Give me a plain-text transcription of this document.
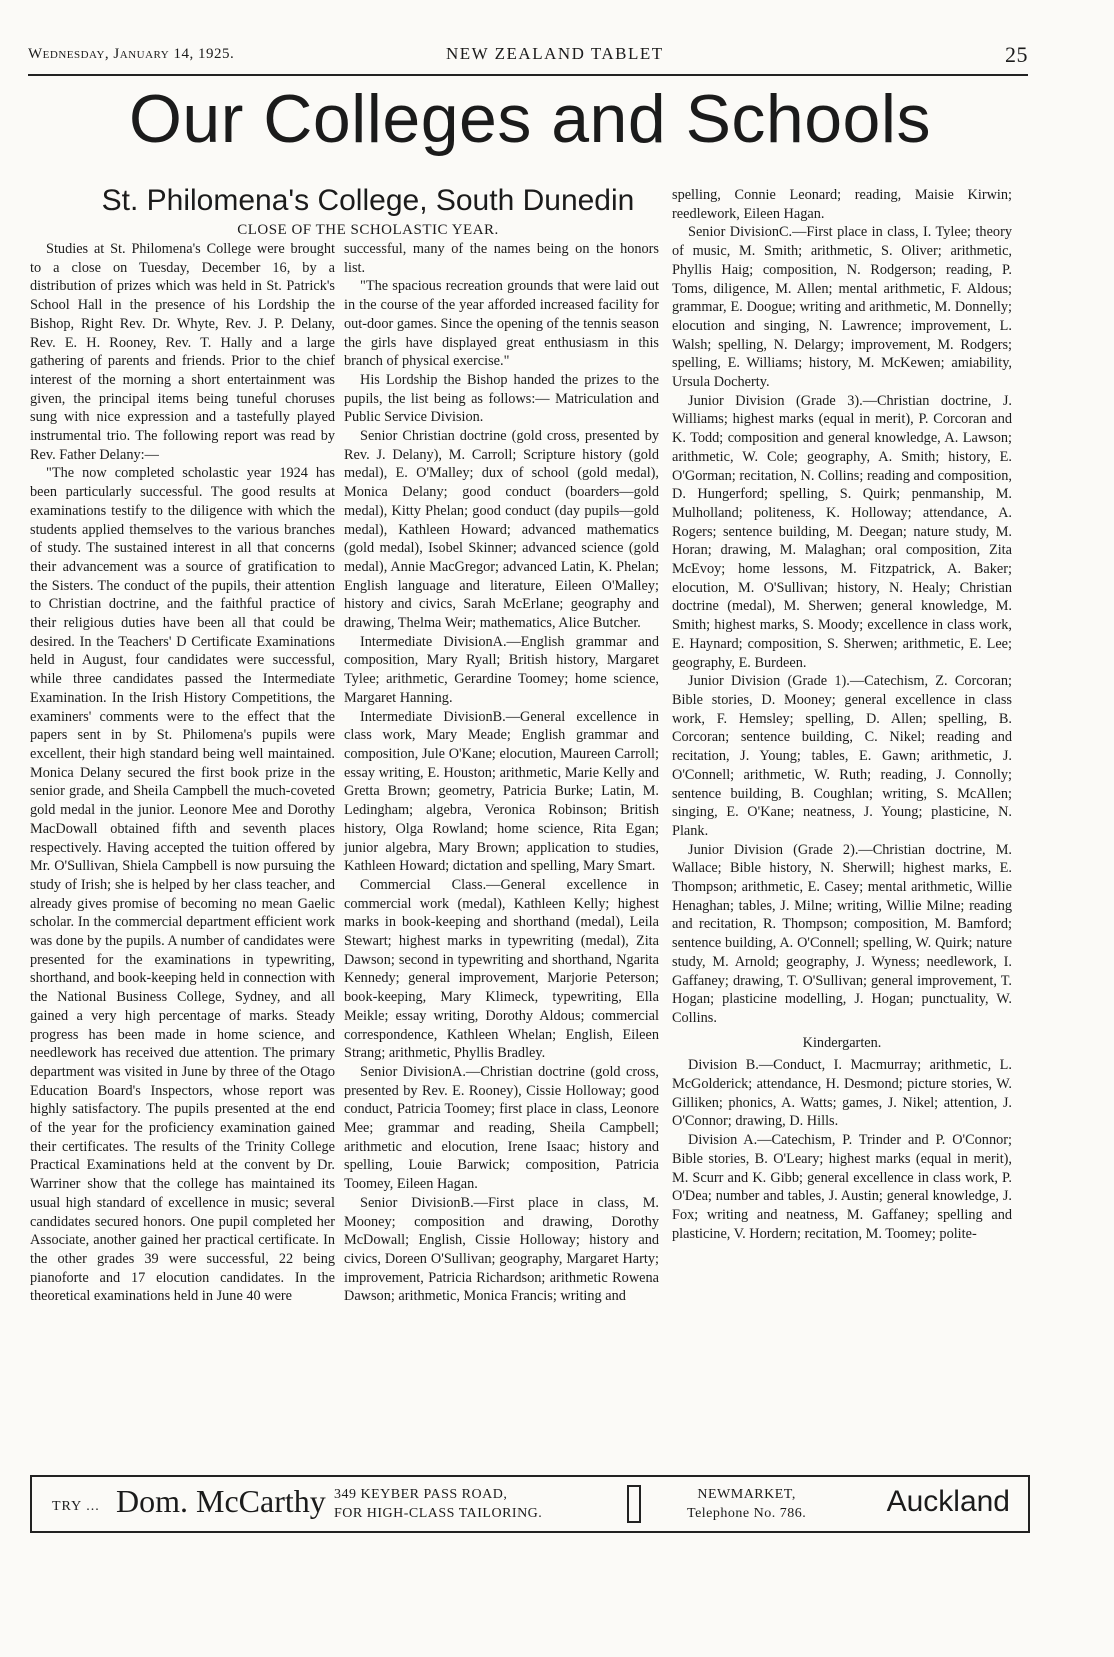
Wednesday, January 14, 1925.	NEW ZEALAND TABLET	25
Our Colleges and Schools
St. Philomena's College, South Dunedin
CLOSE OF THE SCHOLASTIC YEAR.

Studies at St. Philomena's College were brought to a close on Tuesday, December 16, by a distribution of prizes which was held in St. Patrick's School Hall in the presence of his Lordship the Bishop, Right Rev. Dr. Whyte, Rev. J. P. Delany, Rev. E. H. Rooney, Rev. T. Hally and a large gathering of parents and friends. Prior to the chief interest of the morning a short entertainment was given, the principal items being tuneful choruses sung with nice expression and a tastefully played instrumental trio. The following report was read by Rev. Father Delany:—

"The now completed scholastic year 1924 has been particularly successful. The good results at examinations testify to the diligence with which the students applied themselves to the various branches of study. The sustained interest in all that concerns their advancement was a source of gratification to the Sisters. The conduct of the pupils, their attention to Christian doctrine, and the faithful practice of their religious duties have been all that could be desired. In the Teachers' D Certificate Examinations held in August, four candidates were successful, while three candidates passed the Intermediate Examination. In the Irish History Competitions, the examiners' comments were to the effect that the papers sent in by St. Philomena's pupils were excellent, their high standard being well maintained. Monica Delany secured the first book prize in the senior grade, and Sheila Campbell the much-coveted gold medal in the junior. Leonore Mee and Dorothy MacDowall obtained fifth and seventh places respectively. Having accepted the tuition offered by Mr. O'Sullivan, Shiela Campbell is now pursuing the study of Irish; she is helped by her class teacher, and already gives promise of becoming no mean Gaelic scholar. In the commercial department efficient work was done by the pupils. A number of candidates were presented for the examinations in typewriting, shorthand, and book-keeping held in connection with the National Business College, Sydney, and all gained a very high percentage of marks. Steady progress has been made in home science, and needlework has received due attention. The primary department was visited in June by three of the Otago Education Board's Inspectors, whose report was highly satisfactory. The pupils presented at the end of the year for the proficiency examination gained their certificates. The results of the Trinity College Practical Examinations held at the convent by Dr. Warriner show that the college has maintained its usual high standard of excellence in music; several candidates secured honors. One pupil completed her Associate, another gained her practical certificate. In the other grades 39 were successful, 22 being pianoforte and 17 elocution candidates. In the theoretical examinations held in June 40 were

successful, many of the names being on the honors list.

"The spacious recreation grounds that were laid out in the course of the year afforded increased facility for out-door games. Since the opening of the tennis season the girls have displayed great enthusiasm in this branch of physical exercise."

His Lordship the Bishop handed the prizes to the pupils, the list being as follows:— Matriculation and Public Service Division.

Senior Christian doctrine (gold cross, presented by Rev. J. Delany), M. Carroll; Scripture history (gold medal), E. O'Malley; dux of school (gold medal), Monica Delany; good conduct (boarders—gold medal), Kitty Phelan; good conduct (day pupils—gold medal), Kathleen Howard; advanced mathematics (gold medal), Isobel Skinner; advanced science (gold medal), Annie MacGregor; advanced Latin, K. Phelan; English language and literature, Eileen O'Malley; history and civics, Sarah McErlane; geography and drawing, Thelma Weir; mathematics, Alice Butcher.

Intermediate DivisionA.—English grammar and composition, Mary Ryall; British history, Margaret Tylee; arithmetic, Gerardine Toomey; home science, Margaret Hanning.

Intermediate DivisionB.—General excellence in class work, Mary Meade; English grammar and composition, Jule O'Kane; elocution, Maureen Carroll; essay writing, E. Houston; arithmetic, Marie Kelly and Gretta Brown; geometry, Patricia Burke; Latin, M. Ledingham; algebra, Veronica Robinson; British history, Olga Rowland; home science, Rita Egan; junior algebra, Mary Brown; application to studies, Kathleen Howard; dictation and spelling, Mary Smart.

Commercial Class.—General excellence in commercial work (medal), Kathleen Kelly; highest marks in book-keeping and shorthand (medal), Leila Stewart; highest marks in typewriting (medal), Zita Dawson; second in typewriting and shorthand, Ngarita Kennedy; general improvement, Marjorie Peterson; book-keeping, Mary Klimeck, typewriting, Ella Meikle; essay writing, Dorothy Aldous; commercial correspondence, Kathleen Whelan; English, Eileen Strang; arithmetic, Phyllis Bradley.

Senior DivisionA.—Christian doctrine (gold cross, presented by Rev. E. Rooney), Cissie Holloway; good conduct, Patricia Toomey; first place in class, Leonore Mee; grammar and reading, Sheila Campbell; arithmetic and elocution, Irene Isaac; history and spelling, Louie Barwick; composition, Patricia Toomey, Eileen Hagan.

Senior DivisionB.—First place in class, M. Mooney; composition and drawing, Dorothy McDowall; English, Cissie Holloway; history and civics, Doreen O'Sullivan; geography, Margaret Harty; improvement, Patricia Richardson; arithmetic Rowena Dawson; arithmetic, Monica Francis; writing and

spelling, Connie Leonard; reading, Maisie Kirwin; reedlework, Eileen Hagan.

Senior DivisionC.—First place in class, I. Tylee; theory of music, M. Smith; arithmetic, S. Oliver; arithmetic, Phyllis Haig; composition, N. Rodgerson; reading, P. Toms, diligence, M. Allen; mental arithmetic, F. Aldous; grammar, E. Doogue; writing and arithmetic, M. Donnelly; elocution and singing, N. Lawrence; improvement, L. Walsh; spelling, N. Delargy; improvement, M. Rodgers; spelling, E. Williams; history, M. McKewen; amiability, Ursula Docherty.

Junior Division (Grade 3).—Christian doctrine, J. Williams; highest marks (equal in merit), P. Corcoran and K. Todd; composition and general knowledge, A. Lawson; arithmetic, W. Cole; geography, A. Smith; history, E. O'Gorman; recitation, N. Collins; reading and composition, D. Hungerford; spelling, S. Quirk; penmanship, M. Mulholland; politeness, K. Holloway; attendance, A. Rogers; sentence building, M. Deegan; nature study, M. Horan; drawing, M. Malaghan; oral composition, Zita McEvoy; home lessons, M. Fitzpatrick, A. Baker; elocution, M. O'Sullivan; history, N. Healy; Christian doctrine (medal), M. Sherwen; general knowledge, M. Smith; highest marks, S. Moody; excellence in class work, E. Haynard; composition, S. Sherwen; arithmetic, E. Lee; geography, E. Burdeen.

Junior Division (Grade 1).—Catechism, Z. Corcoran; Bible stories, D. Mooney; general excellence in class work, F. Hemsley; spelling, D. Allen; spelling, B. Corcoran; sentence building, C. Nikel; reading and recitation, J. Young; tables, E. Gawn; arithmetic, J. O'Connell; arithmetic, W. Ruth; reading, J. Connolly; sentence building, B. Coughlan; writing, S. McAllen; singing, E. O'Kane; neatness, J. Young; plasticine, N. Plank.

Junior Division (Grade 2).—Christian doctrine, M. Wallace; Bible history, N. Sherwill; highest marks, E. Thompson; arithmetic, E. Casey; mental arithmetic, Willie Henaghan; tables, J. Milne; writing, Willie Milne; reading and recitation, R. Thompson; composition, M. Bamford; sentence building, A. O'Connell; spelling, W. Quirk; nature study, M. Arnold; geography, J. Wyness; needlework, I. Gaffaney; drawing, T. O'Sullivan; general improvement, T. Hogan; plasticine modelling, J. Hogan; punctuality, W. Collins.

Kindergarten.

Division B.—Conduct, I. Macmurray; arithmetic, L. McGolderick; attendance, H. Desmond; picture stories, W. Gilliken; phonics, A. Watts; games, J. Nikel; attention, J. O'Connor; drawing, D. Hills.

Division A.—Catechism, P. Trinder and P. O'Connor; Bible stories, B. O'Leary; highest marks (equal in merit), M. Scurr and K. Gibb; general excellence in class work, P. O'Dea; number and tables, J. Austin; general knowledge, J. Fox; writing and neatness, M. Gaffaney; spelling and plasticine, V. Hordern; recitation, M. Toomey; polite-

TRY ... Dom. McCarthy 349 KEYBER PASS ROAD,
FOR HIGH-CLASS TAILORING.
NEWMARKET,
Telephone No. 786.	Auckland
